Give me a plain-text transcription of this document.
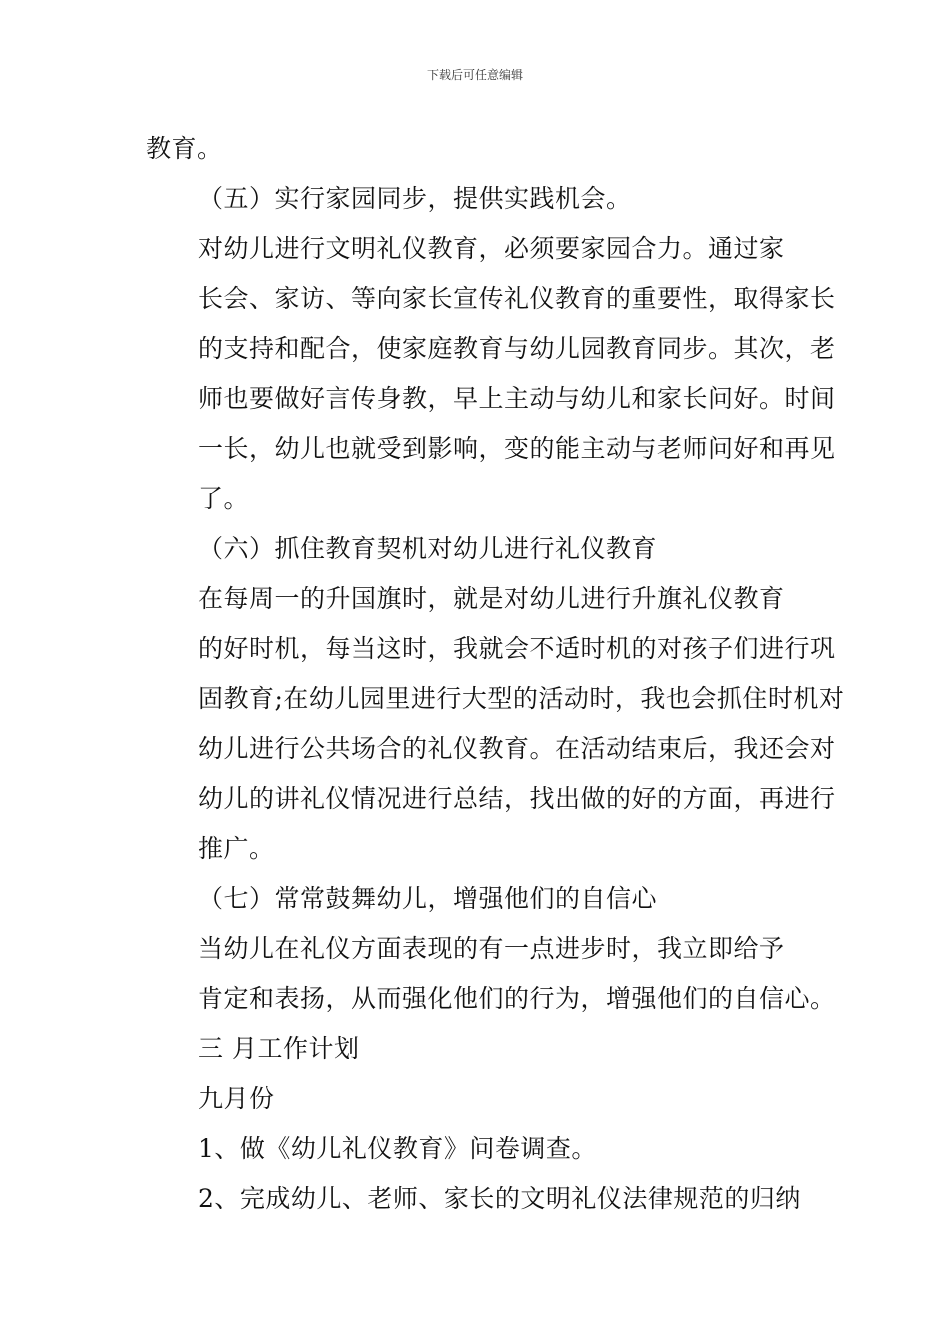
下载后可任意编辑

教育。

（五）实行家园同步，提供实践机会。

对幼儿进行文明礼仪教育，必须要家园合力。通过家
长会、家访、等向家长宣传礼仪教育的重要性，取得家长
的支持和配合，使家庭教育与幼儿园教育同步。其次，老
师也要做好言传身教，早上主动与幼儿和家长问好。时间
一长，幼儿也就受到影响，变的能主动与老师问好和再见
了。

（六）抓住教育契机对幼儿进行礼仪教育

在每周一的升国旗时，就是对幼儿进行升旗礼仪教育
的好时机，每当这时，我就会不适时机的对孩子们进行巩
固教育;在幼儿园里进行大型的活动时，我也会抓住时机对
幼儿进行公共场合的礼仪教育。在活动结束后，我还会对
幼儿的讲礼仪情况进行总结，找出做的好的方面，再进行
推广。

（七）常常鼓舞幼儿，增强他们的自信心

当幼儿在礼仪方面表现的有一点进步时，我立即给予
肯定和表扬，从而强化他们的行为，增强他们的自信心。

三 月工作计划

九月份

1、做《幼儿礼仪教育》问卷调查。

2、完成幼儿、老师、家长的文明礼仪法律规范的归纳
